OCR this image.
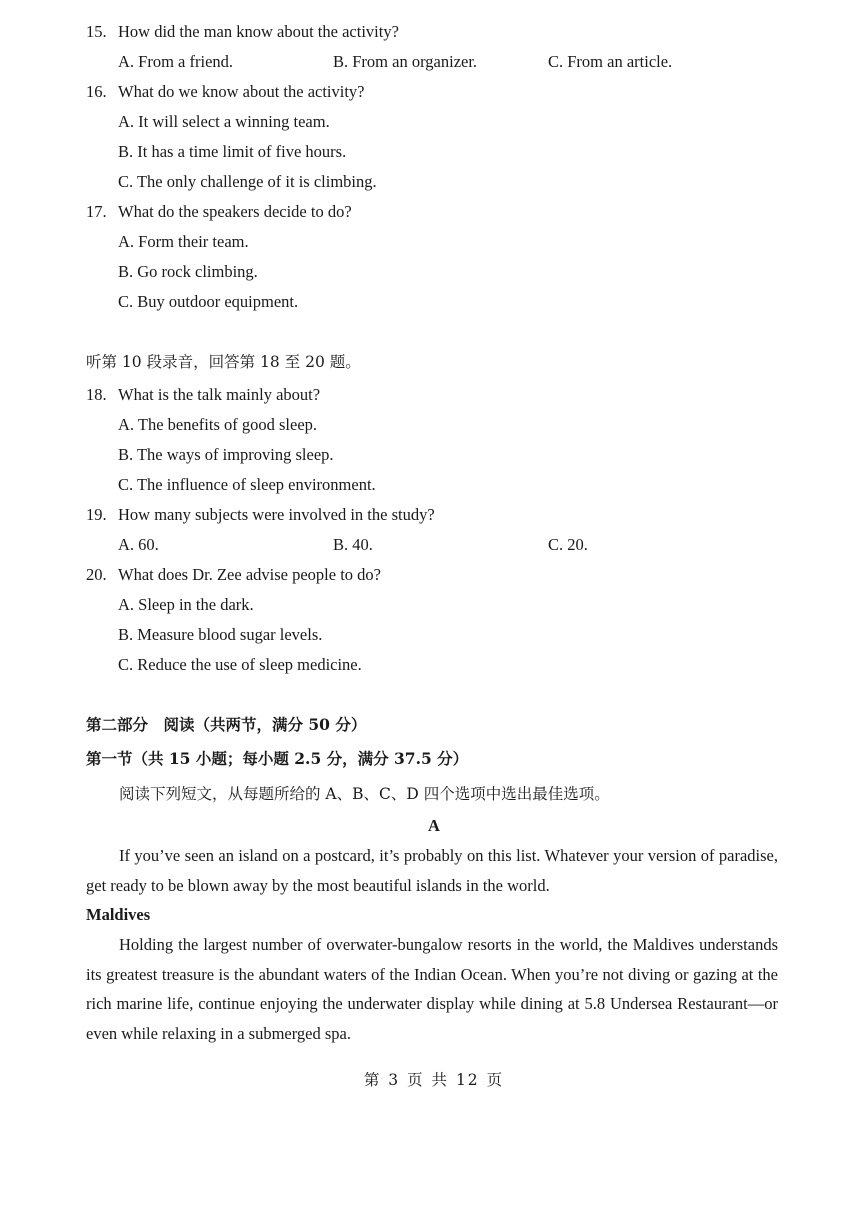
15. How did the man know about the activity?
A. From a friend.	B. From an organizer.	C. From an article.
16. What do we know about the activity?
A. It will select a winning team.
B. It has a time limit of five hours.
C. The only challenge of it is climbing.
17. What do the speakers decide to do?
A. Form their team.
B. Go rock climbing.
C. Buy outdoor equipment.
听第 10 段录音，回答第 18 至 20 题。
18. What is the talk mainly about?
A. The benefits of good sleep.
B. The ways of improving sleep.
C. The influence of sleep environment.
19. How many subjects were involved in the study?
A. 60.	B. 40.	C. 20.
20. What does Dr. Zee advise people to do?
A. Sleep in the dark.
B. Measure blood sugar levels.
C. Reduce the use of sleep medicine.
第二部分　阅读（共两节，满分 50 分）
第一节（共 15 小题；每小题 2.5 分，满分 37.5 分）
阅读下列短文，从每题所给的 A、B、C、D 四个选项中选出最佳选项。
A
If you’ve seen an island on a postcard, it’s probably on this list. Whatever your version of paradise, get ready to be blown away by the most beautiful islands in the world.
Maldives
Holding the largest number of overwater-bungalow resorts in the world, the Maldives understands its greatest treasure is the abundant waters of the Indian Ocean. When you’re not diving or gazing at the rich marine life, continue enjoying the underwater display while dining at 5.8 Undersea Restaurant—or even while relaxing in a submerged spa.
第 3 页 共 12 页
